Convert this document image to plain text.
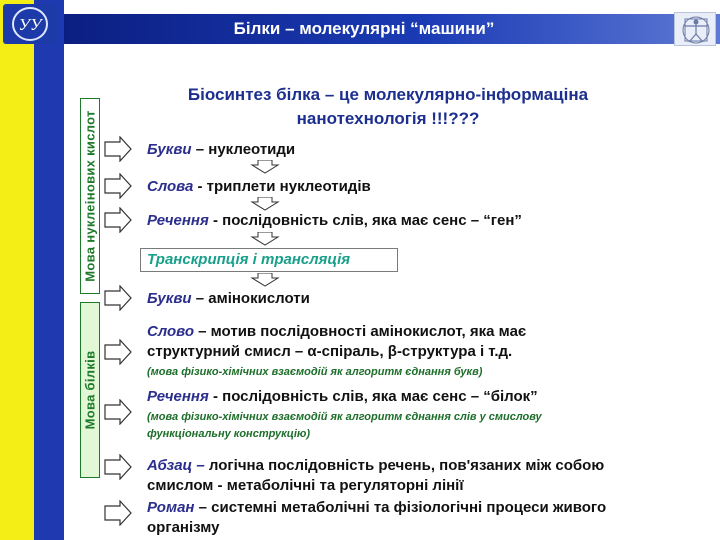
Білки – молекулярні “машини”
УУ
Мова нуклеінових кислот
Мова білків
Біосинтез білка – це молекулярно-інформаціна
нанотехнологія !!!???
Букви – нуклеотиди
Слова - триплети нуклеотидів
Речення - послідовність слів, яка має сенс – “ген”
Транскрипція і трансляція
Букви – амінокислоти
Слово – мотив послідовності амінокислот, яка має
структурний смисл – α-спіраль, β-структура і т.д.
(мова фізико-хімічних взаємодій як алгоритм єднання букв)
Речення - послідовність слів, яка має сенс – “білок”
(мова фізико-хімічних взаємодій як алгоритм єднання слів у смислову
функціональну конструкцію)
Абзац – логічна послідовність речень, пов'язаних між собою
смислом - метаболічні та регуляторні лінії
Роман – системні метаболічні та фізіологічні процеси живого
організму
